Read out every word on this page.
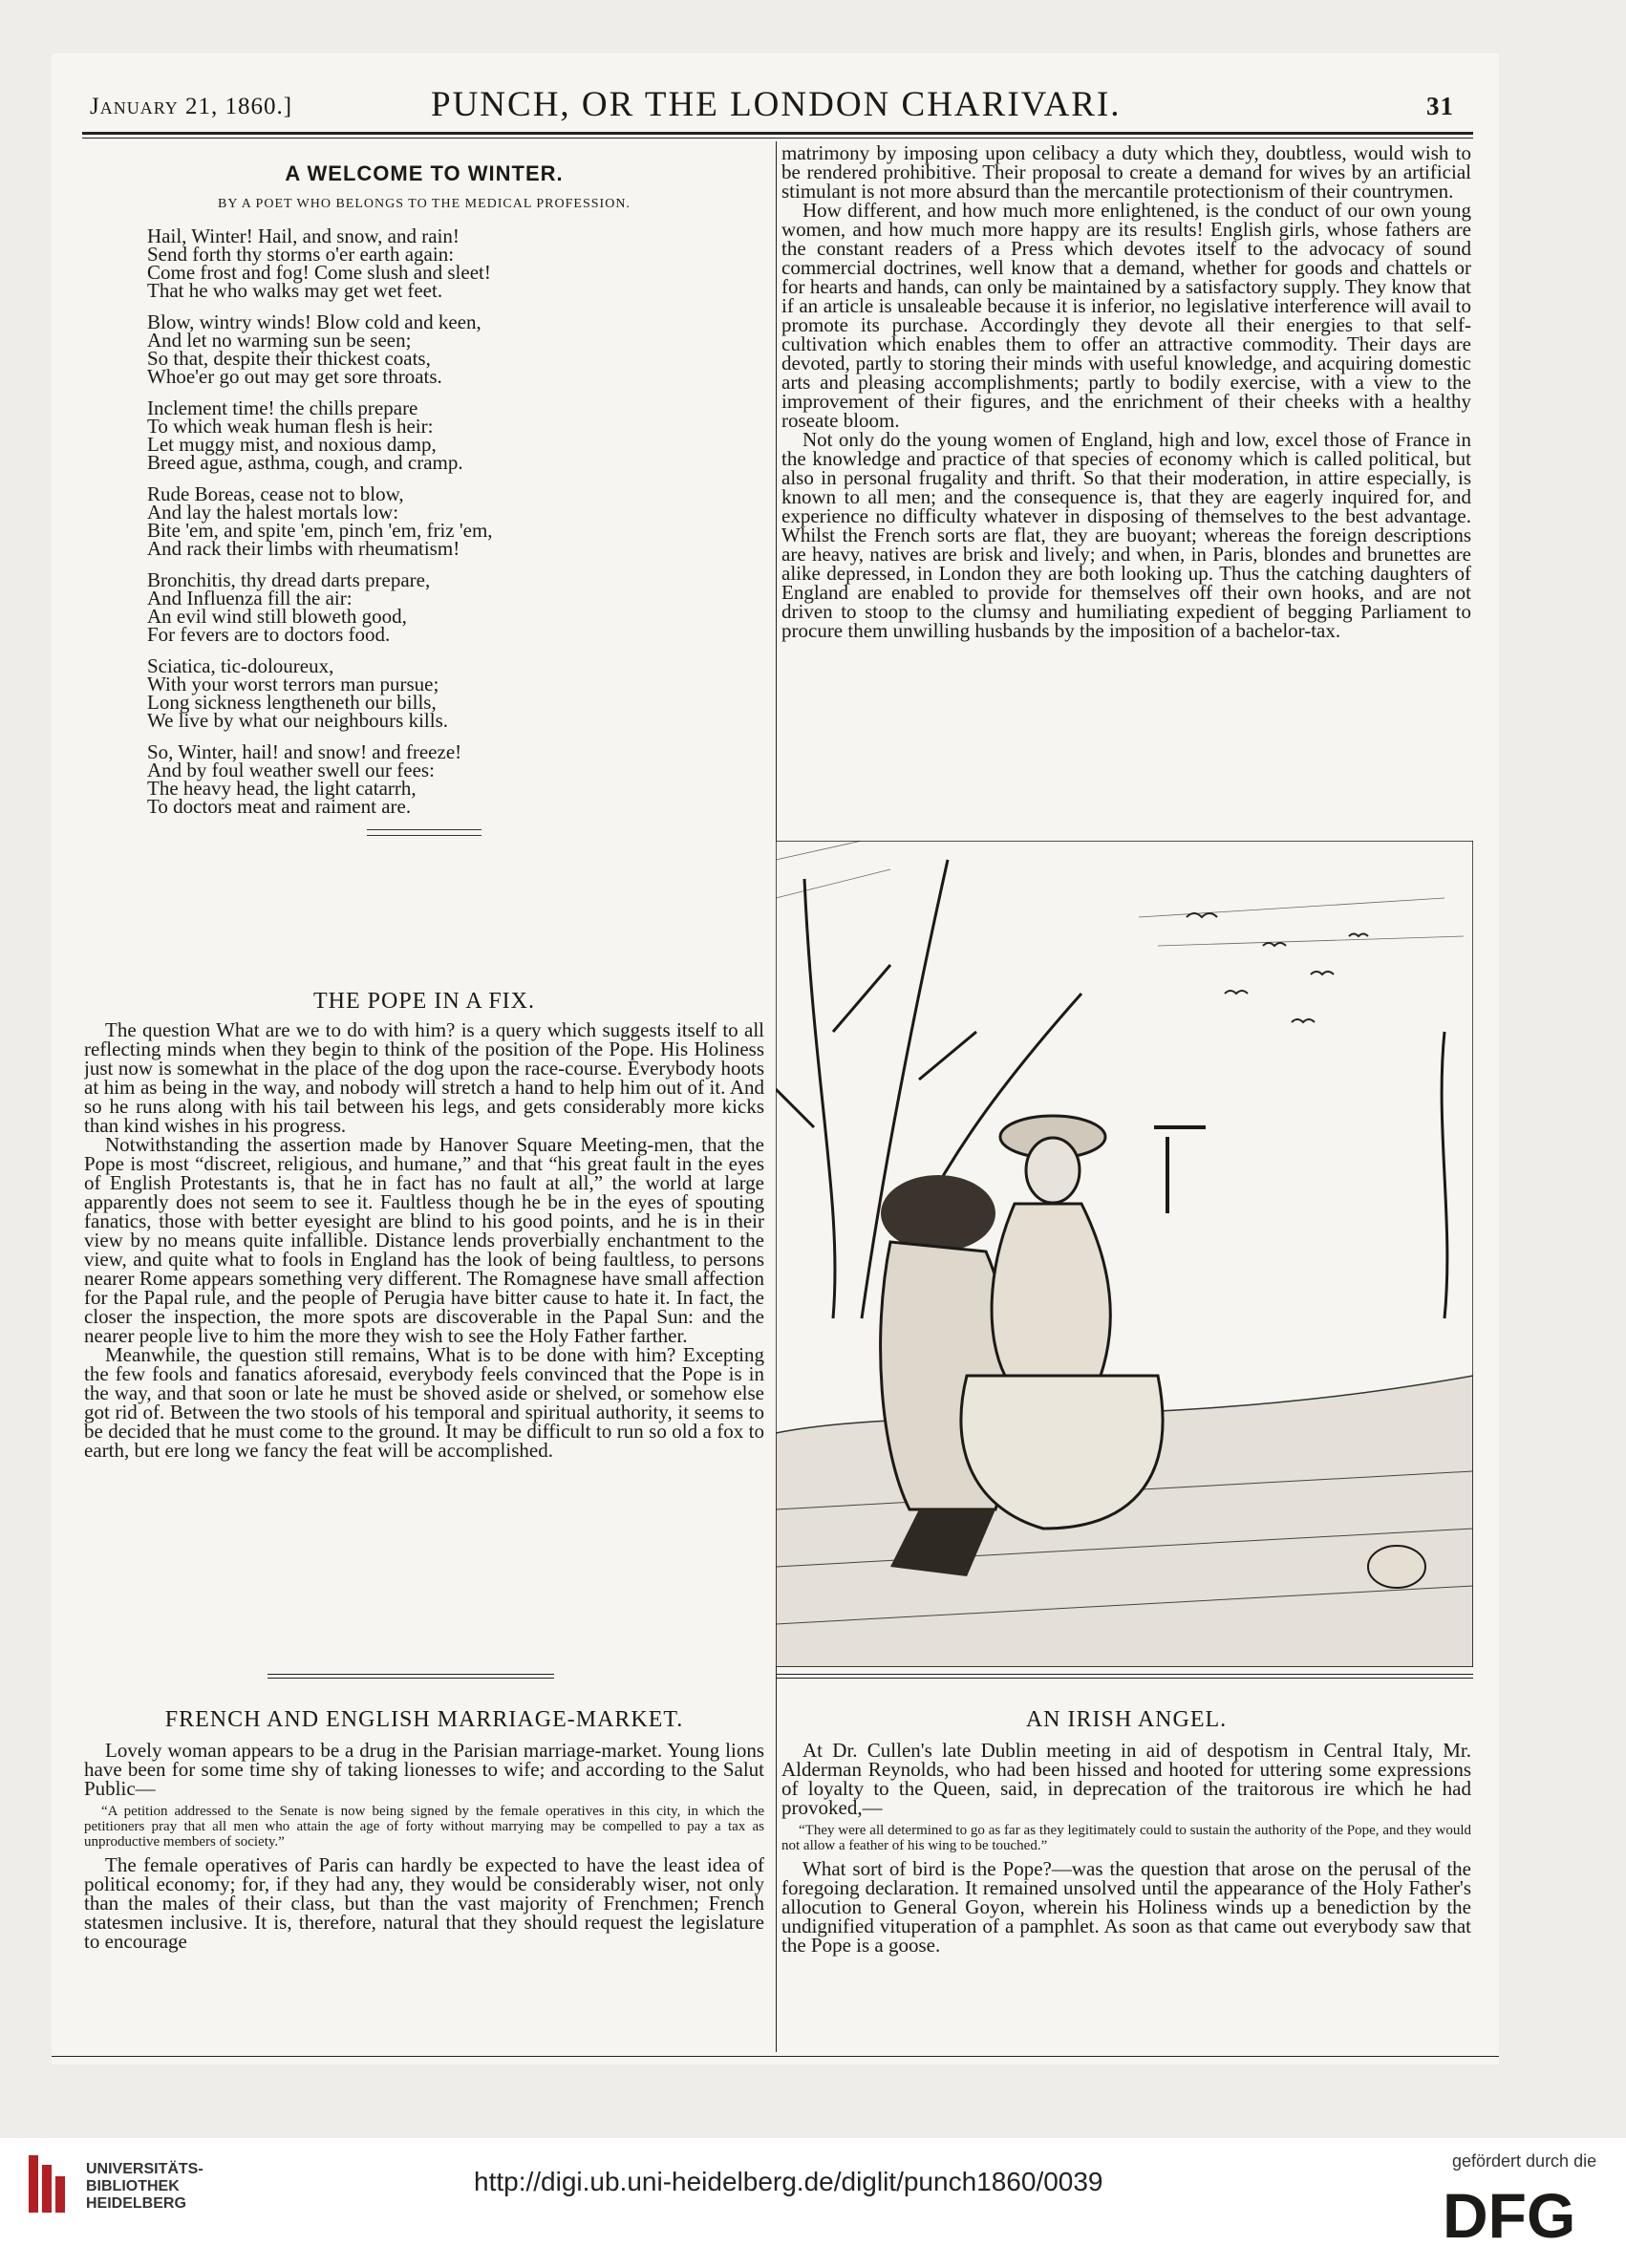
January 21, 1860.]	PUNCH, OR THE LONDON CHARIVARI.	31
A WELCOME TO WINTER.
BY A POET WHO BELONGS TO THE MEDICAL PROFESSION.
Hail, Winter! Hail, and snow, and rain!
Send forth thy storms o'er earth again:
Come frost and fog! Come slush and sleet!
That he who walks may get wet feet.
Blow, wintry winds! Blow cold and keen,
And let no warming sun be seen;
So that, despite their thickest coats,
Whoe'er go out may get sore throats.
Inclement time! the chills prepare
To which weak human flesh is heir:
Let muggy mist, and noxious damp,
Breed ague, asthma, cough, and cramp.
Rude Boreas, cease not to blow,
And lay the halest mortals low:
Bite 'em, and spite 'em, pinch 'em, friz 'em,
And rack their limbs with rheumatism!
Bronchitis, thy dread darts prepare,
And Influenza fill the air:
An evil wind still bloweth good,
For fevers are to doctors food.
Sciatica, tic-doloureux,
With your worst terrors man pursue;
Long sickness lengtheneth our bills,
We live by what our neighbours kills.
So, Winter, hail! and snow! and freeze!
And by foul weather swell our fees:
The heavy head, the light catarrh,
To doctors meat and raiment are.
THE POPE IN A FIX.

The question What are we to do with him? is a query which suggests itself to all reflecting minds when they begin to think of the position of the Pope. His Holiness just now is somewhat in the place of the dog upon the race-course. Everybody hoots at him as being in the way, and nobody will stretch a hand to help him out of it. And so he runs along with his tail between his legs, and gets considerably more kicks than kind wishes in his progress.

Notwithstanding the assertion made by Hanover Square Meeting-men, that the Pope is most “discreet, religious, and humane,” and that “his great fault in the eyes of English Protestants is, that he in fact has no fault at all,” the world at large apparently does not seem to see it. Faultless though he be in the eyes of spouting fanatics, those with better eyesight are blind to his good points, and he is in their view by no means quite infallible. Distance lends proverbially enchantment to the view, and quite what to fools in England has the look of being faultless, to persons nearer Rome appears something very different. The Romagnese have small affection for the Papal rule, and the people of Perugia have bitter cause to hate it. In fact, the closer the inspection, the more spots are discoverable in the Papal Sun: and the nearer people live to him the more they wish to see the Holy Father farther.

Meanwhile, the question still remains, What is to be done with him? Excepting the few fools and fanatics aforesaid, everybody feels convinced that the Pope is in the way, and that soon or late he must be shoved aside or shelved, or somehow else got rid of. Between the two stools of his temporal and spiritual authority, it seems to be decided that he must come to the ground. It may be difficult to run so old a fox to earth, but ere long we fancy the feat will be accomplished.

FRENCH AND ENGLISH MARRIAGE-MARKET.

Lovely woman appears to be a drug in the Parisian marriage-market. Young lions have been for some time shy of taking lionesses to wife; and according to the Salut Public—

“A petition addressed to the Senate is now being signed by the female operatives in this city, in which the petitioners pray that all men who attain the age of forty without marrying may be compelled to pay a tax as unproductive members of society.”

The female operatives of Paris can hardly be expected to have the least idea of political economy; for, if they had any, they would be considerably wiser, not only than the males of their class, but than the vast majority of Frenchmen; French statesmen inclusive. It is, therefore, natural that they should request the legislature to encourage

matrimony by imposing upon celibacy a duty which they, doubtless, would wish to be rendered prohibitive. Their proposal to create a demand for wives by an artificial stimulant is not more absurd than the mercantile protectionism of their countrymen.

How different, and how much more enlightened, is the conduct of our own young women, and how much more happy are its results! English girls, whose fathers are the constant readers of a Press which devotes itself to the advocacy of sound commercial doctrines, well know that a demand, whether for goods and chattels or for hearts and hands, can only be maintained by a satisfactory supply. They know that if an article is unsaleable because it is inferior, no legislative interference will avail to promote its purchase. Accordingly they devote all their energies to that self-cultivation which enables them to offer an attractive commodity. Their days are devoted, partly to storing their minds with useful knowledge, and acquiring domestic arts and pleasing accomplishments; partly to bodily exercise, with a view to the improvement of their figures, and the enrichment of their cheeks with a healthy roseate bloom.

Not only do the young women of England, high and low, excel those of France in the knowledge and practice of that species of economy which is called political, but also in personal frugality and thrift. So that their moderation, in attire especially, is known to all men; and the consequence is, that they are eagerly inquired for, and experience no difficulty whatever in disposing of themselves to the best advantage. Whilst the French sorts are flat, they are buoyant; whereas the foreign descriptions are heavy, natives are brisk and lively; and when, in Paris, blondes and brunettes are alike depressed, in London they are both looking up. Thus the catching daughters of England are enabled to provide for themselves off their own hooks, and are not driven to stoop to the clumsy and humiliating expedient of begging Parliament to procure them unwilling husbands by the imposition of a bachelor-tax.

AN IRISH ANGEL.

At Dr. Cullen's late Dublin meeting in aid of despotism in Central Italy, Mr. Alderman Reynolds, who had been hissed and hooted for uttering some expressions of loyalty to the Queen, said, in deprecation of the traitorous ire which he had provoked,—

“They were all determined to go as far as they legitimately could to sustain the authority of the Pope, and they would not allow a feather of his wing to be touched.”

What sort of bird is the Pope?—was the question that arose on the perusal of the foregoing declaration. It remained unsolved until the appearance of the Holy Father's allocution to General Goyon, wherein his Holiness winds up a benediction by the undignified vituperation of a pamphlet. As soon as that came out everybody saw that the Pope is a goose.

UNIVERSITÄTS-
BIBLIOTHEK
HEIDELBERG
http://digi.ub.uni-heidelberg.de/diglit/punch1860/0039
gefördert durch die
DFG
